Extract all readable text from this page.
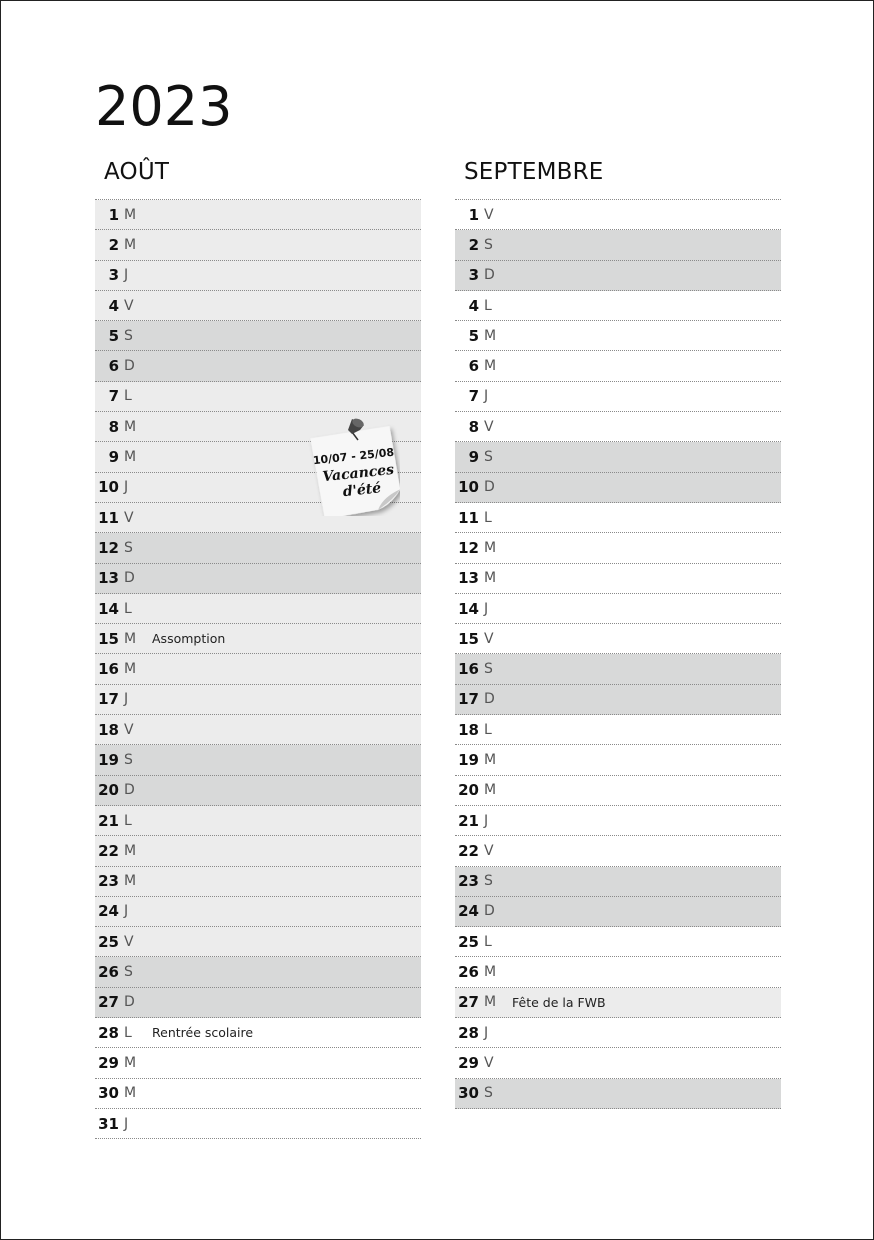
2023
AOÛT	SEPTEMBRE
1 M
2 M
3 J
4 V
5 S
6 D
7 L
8 M
9 M
10 J
11 V
12 S
13 D
14 L
15 M Assomption
16 M
17 J
18 V
19 S
20 D
21 L
22 M
23 M
24 J
25 V
26 S
27 D
28 L	Rentrée scolaire
29 M
30 M
31 J
1 V
2 S
3 D
4 L
5 M
6 M
7 J
8 V
9 S
10 D
11 L
12 M
13 M
14 J
15 V
16 S
17 D
18 L
19 M
20 M
21 J
22 V
23 S
24 D
25 L
26 M
27 M Fête de la FWB
28 J
29 V
30 S
10/07 - 25/08
Vacances
d'été
